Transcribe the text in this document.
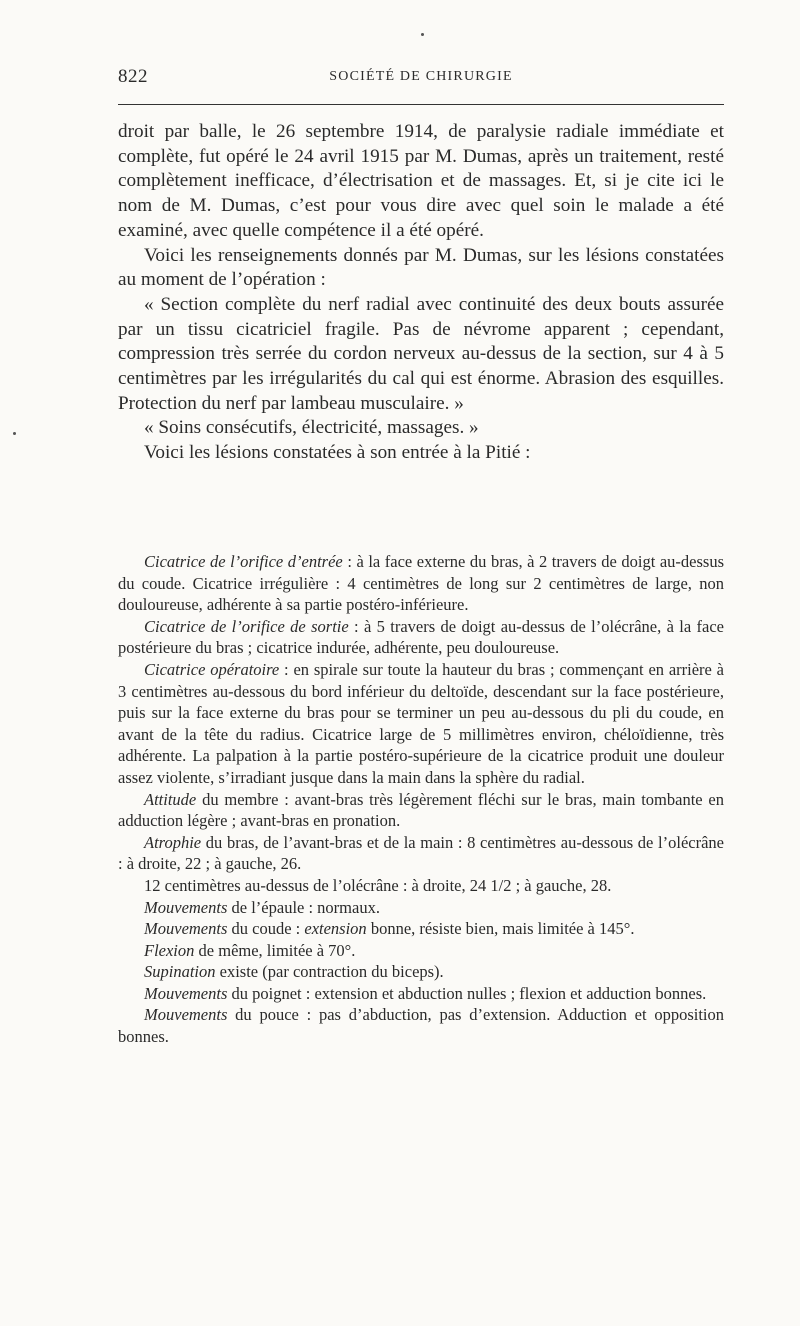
822	SOCIÉTÉ DE CHIRURGIE

droit par balle, le 26 septembre 1914, de paralysie radiale immédiate et complète, fut opéré le 24 avril 1915 par M. Dumas, après un traitement, resté complètement inefficace, d’électrisation et de massages. Et, si je cite ici le nom de M. Dumas, c’est pour vous dire avec quel soin le malade a été examiné, avec quelle compétence il a été opéré.

Voici les renseignements donnés par M. Dumas, sur les lésions constatées au moment de l’opération :

« Section complète du nerf radial avec continuité des deux bouts assurée par un tissu cicatriciel fragile. Pas de névrome apparent ; cependant, compression très serrée du cordon nerveux au-dessus de la section, sur 4 à 5 centimètres par les irrégularités du cal qui est énorme. Abrasion des esquilles. Protection du nerf par lambeau musculaire. »

« Soins consécutifs, électricité, massages. »

Voici les lésions constatées à son entrée à la Pitié :

Cicatrice de l’orifice d’entrée : à la face externe du bras, à 2 travers de doigt au-dessus du coude. Cicatrice irrégulière : 4 centimètres de long sur 2 centimètres de large, non douloureuse, adhérente à sa partie postéro-inférieure.

Cicatrice de l’orifice de sortie : à 5 travers de doigt au-dessus de l’olécrâne, à la face postérieure du bras ; cicatrice indurée, adhérente, peu douloureuse.

Cicatrice opératoire : en spirale sur toute la hauteur du bras ; commençant en arrière à 3 centimètres au-dessous du bord inférieur du deltoïde, descendant sur la face postérieure, puis sur la face externe du bras pour se terminer un peu au-dessous du pli du coude, en avant de la tête du radius. Cicatrice large de 5 millimètres environ, chéloïdienne, très adhérente. La palpation à la partie postéro-supérieure de la cicatrice produit une douleur assez violente, s’irradiant jusque dans la main dans la sphère du radial.

Attitude du membre : avant-bras très légèrement fléchi sur le bras, main tombante en adduction légère ; avant-bras en pronation.

Atrophie du bras, de l’avant-bras et de la main : 8 centimètres au-dessous de l’olécrâne : à droite, 22 ; à gauche, 26.

12 centimètres au-dessus de l’olécrâne : à droite, 24 1/2 ; à gauche, 28.

Mouvements de l’épaule : normaux.

Mouvements du coude : extension bonne, résiste bien, mais limitée à 145°.

Flexion de même, limitée à 70°.

Supination existe (par contraction du biceps).

Mouvements du poignet : extension et abduction nulles ; flexion et adduction bonnes.

Mouvements du pouce : pas d’abduction, pas d’extension. Adduction et opposition bonnes.
